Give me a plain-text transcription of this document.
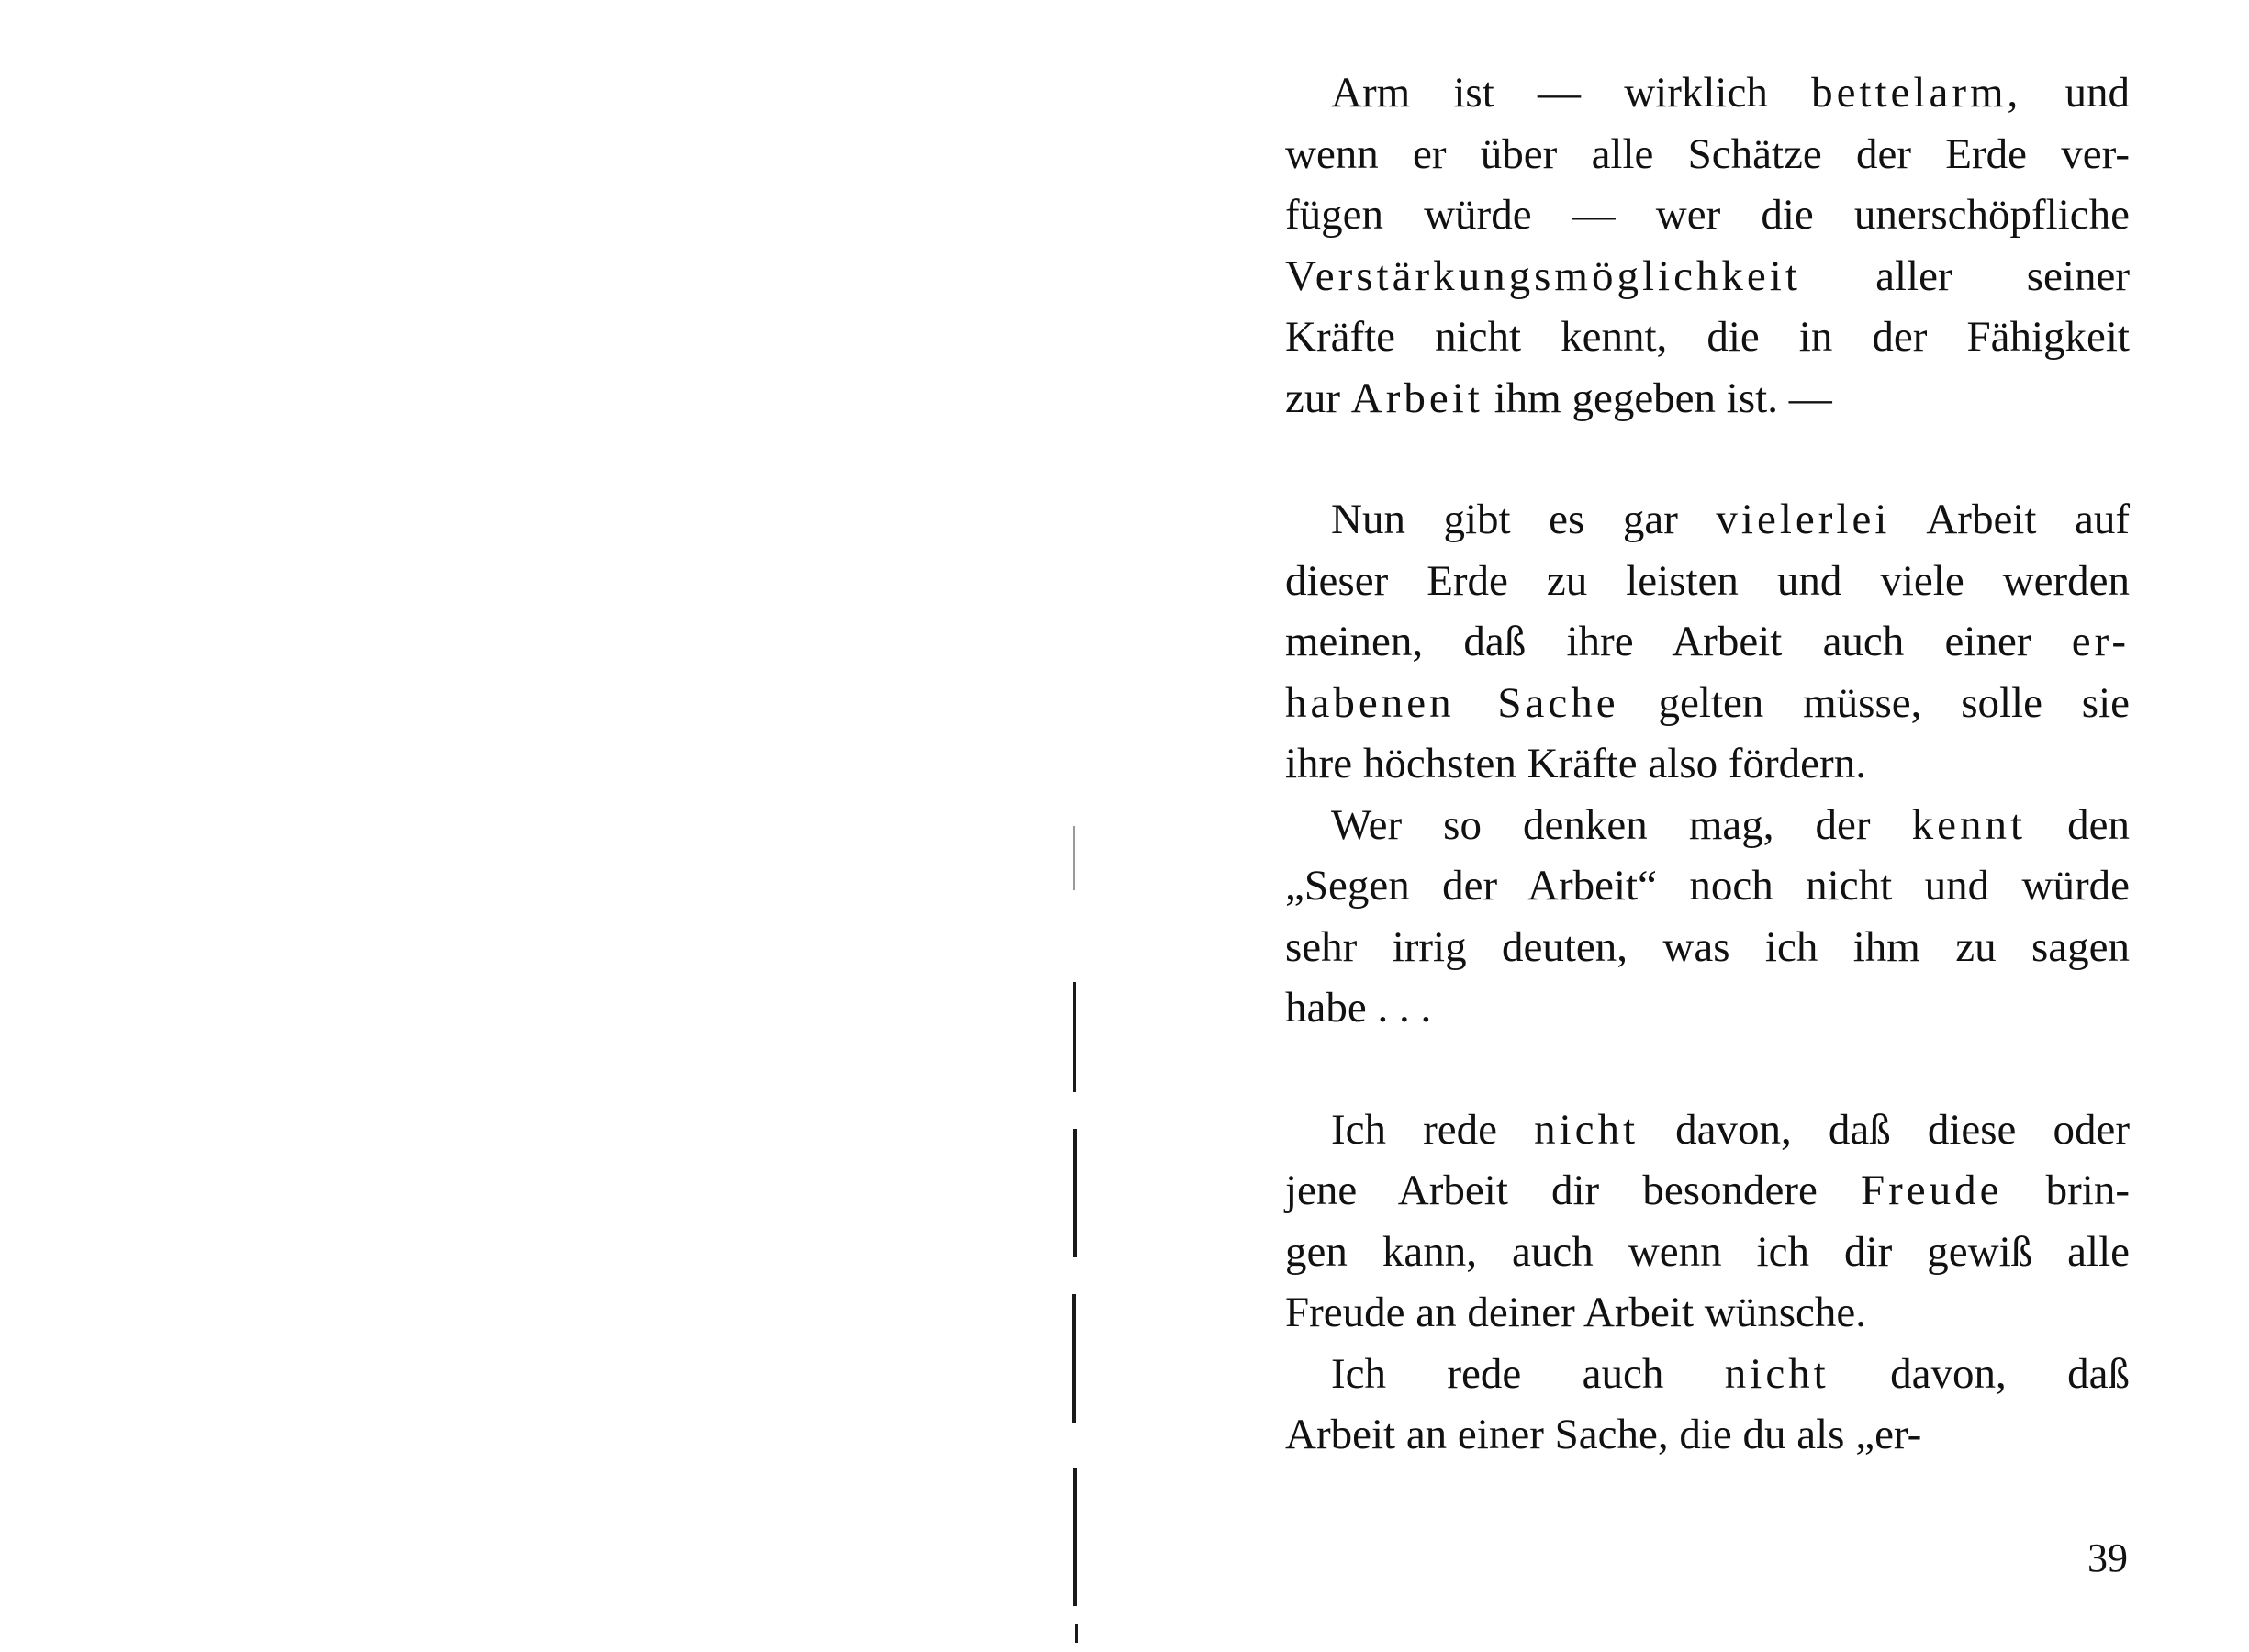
Arm ist — wirklich bettelarm, und
wenn er über alle Schätze der Erde ver-
fügen würde — wer die unerschöpfliche
Verstärkungsmöglichkeit aller seiner
Kräfte nicht kennt, die in der Fähigkeit
zur Arbeit ihm gegeben ist. —

Nun gibt es gar vielerlei Arbeit auf
dieser Erde zu leisten und viele werden
meinen, daß ihre Arbeit auch einer er-
habenen Sache gelten müsse, solle sie
ihre höchsten Kräfte also fördern.

Wer so denken mag, der kennt den
„Segen der Arbeit“ noch nicht und würde
sehr irrig deuten, was ich ihm zu sagen
habe . . .

Ich rede nicht davon, daß diese oder
jene Arbeit dir besondere Freude brin-
gen kann, auch wenn ich dir gewiß alle
Freude an deiner Arbeit wünsche.

Ich rede auch nicht davon, daß
Arbeit an einer Sache, die du als „er-

39
